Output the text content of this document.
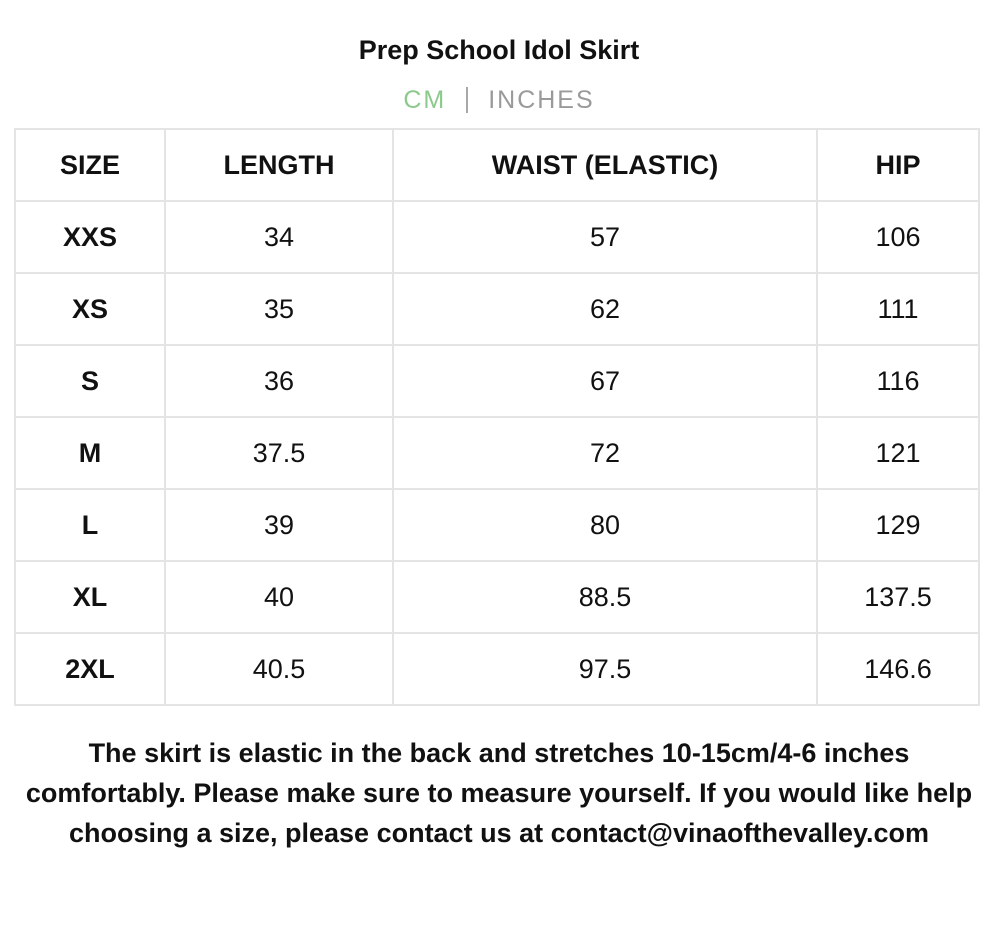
Prep School Idol Skirt
CM INCHES
SIZE	LENGTH	WAIST (ELASTIC)	HIP
XXS	34	57	106
XS	35	62	111
S	36	67	116
M	37.5	72	121
L	39	80	129
XL	40	88.5	137.5
2XL	40.5	97.5	146.6
The skirt is elastic in the back and stretches 10-15cm/4-6 inches comfortably. Please make sure to measure yourself. If you would like help choosing a size, please contact us at contact@vinaofthevalley.com
